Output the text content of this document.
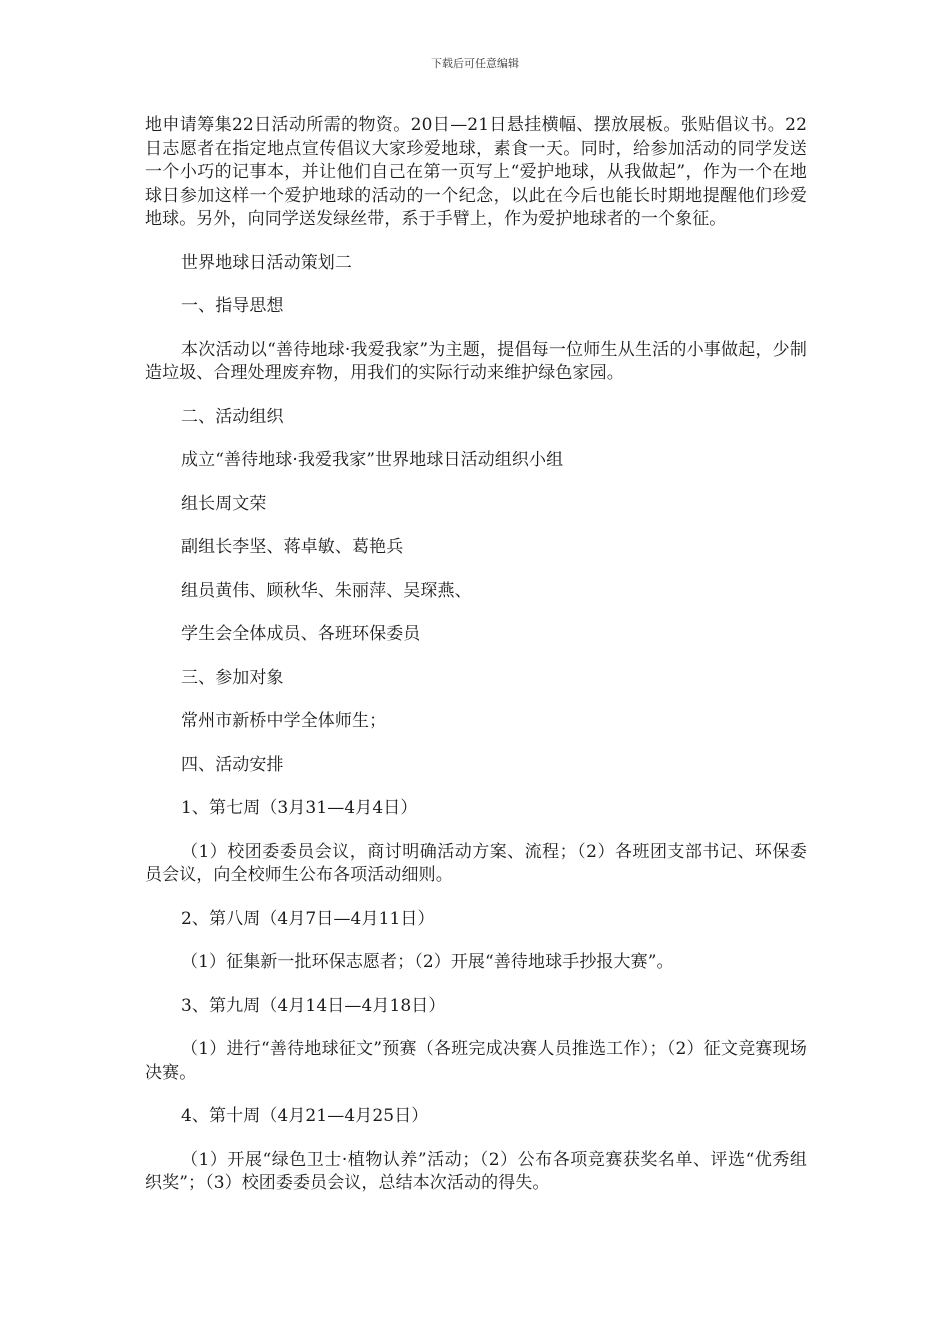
下载后可任意编辑

地申请筹集22日活动所需的物资。20日—21日悬挂横幅、摆放展板。张贴倡议书。22日志愿者在指定地点宣传倡议大家珍爱地球，素食一天。同时，给参加活动的同学发送一个小巧的记事本，并让他们自己在第一页写上“爱护地球，从我做起”，作为一个在地球日参加这样一个爱护地球的活动的一个纪念，以此在今后也能长时期地提醒他们珍爱地球。另外，向同学送发绿丝带，系于手臂上，作为爱护地球者的一个象征。

世界地球日活动策划二

一、指导思想

本次活动以“善待地球·我爱我家”为主题，提倡每一位师生从生活的小事做起，少制造垃圾、合理处理废弃物，用我们的实际行动来维护绿色家园。

二、活动组织

成立“善待地球·我爱我家”世界地球日活动组织小组

组长周文荣

副组长李坚、蒋卓敏、葛艳兵

组员黄伟、顾秋华、朱丽萍、吴琛燕、

学生会全体成员、各班环保委员

三、参加对象

常州市新桥中学全体师生；

四、活动安排

1、第七周（3月31—4月4日）

（1）校团委委员会议，商讨明确活动方案、流程；（2）各班团支部书记、环保委员会议，向全校师生公布各项活动细则。

2、第八周（4月7日—4月11日）

（1）征集新一批环保志愿者；（2）开展“善待地球手抄报大赛”。

3、第九周（4月14日—4月18日）

（1）进行“善待地球征文”预赛（各班完成决赛人员推选工作）；（2）征文竞赛现场决赛。

4、第十周（4月21—4月25日）

（1）开展“绿色卫士·植物认养”活动；（2）公布各项竞赛获奖名单、评选“优秀组织奖”；（3）校团委委员会议，总结本次活动的得失。
